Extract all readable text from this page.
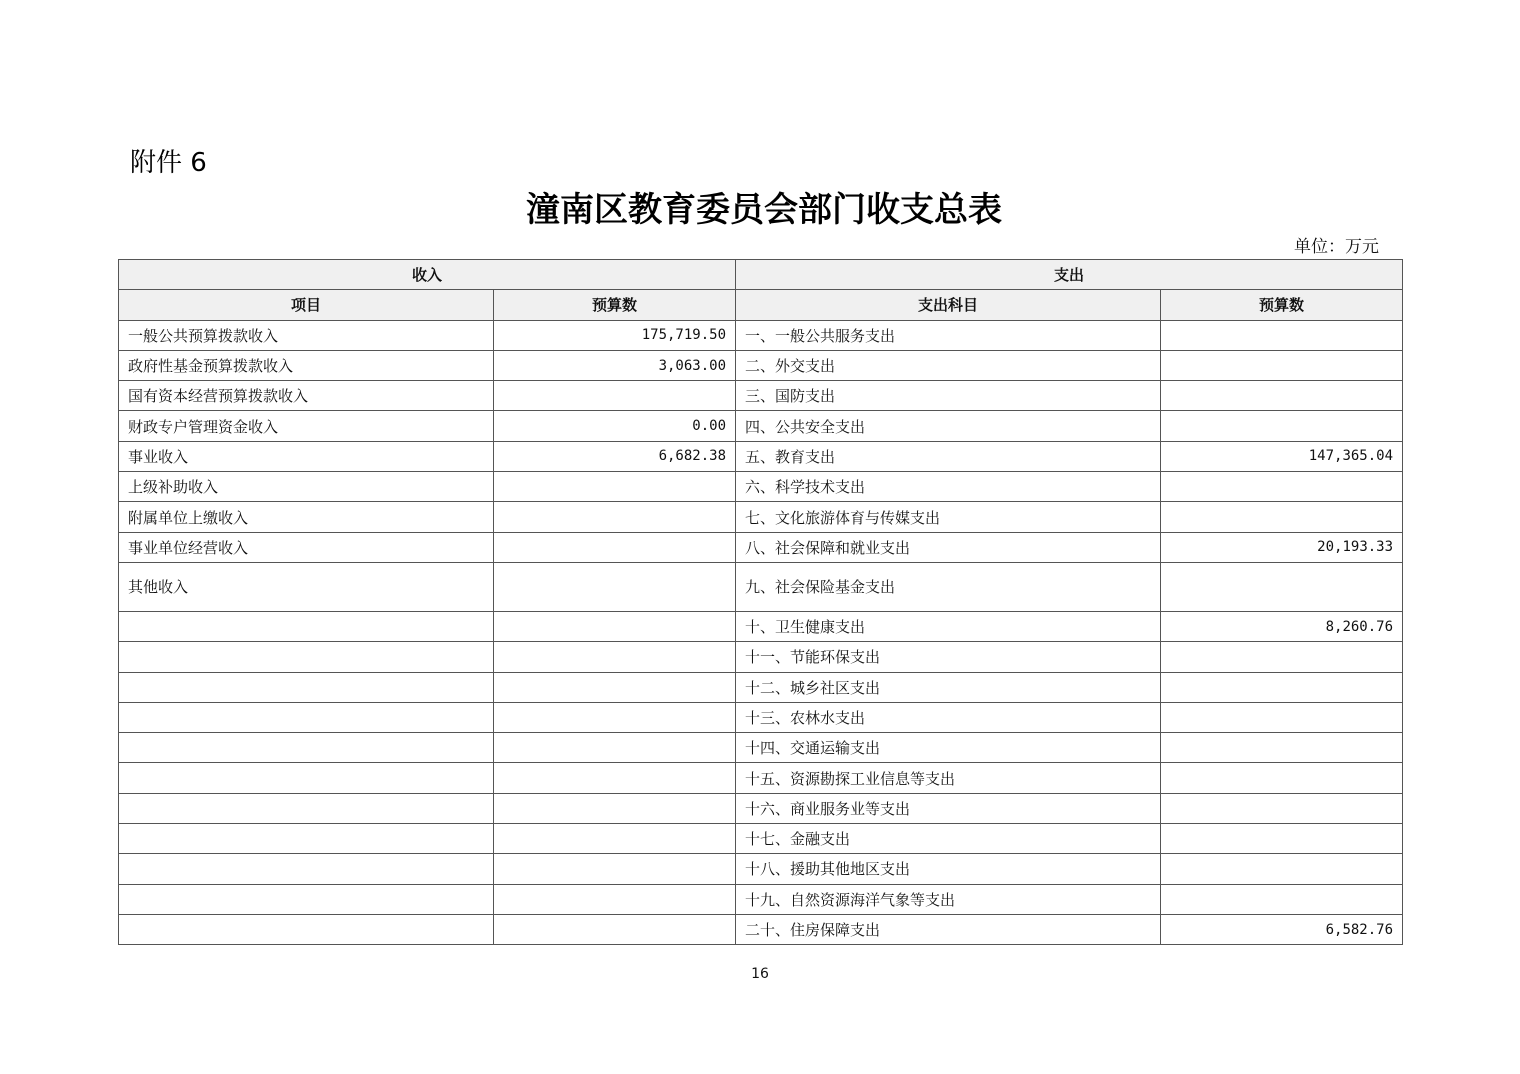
附件 6
潼南区教育委员会部门收支总表
单位：万元
收入		支出	
项目	预算数	支出科目	预算数
一般公共预算拨款收入	175,719.50	一、一般公共服务支出	
政府性基金预算拨款收入	3,063.00	二、外交支出	
国有资本经营预算拨款收入		三、国防支出	
财政专户管理资金收入	0.00	四、公共安全支出	
事业收入	6,682.38	五、教育支出	147,365.04
上级补助收入		六、科学技术支出	
附属单位上缴收入		七、文化旅游体育与传媒支出	
事业单位经营收入		八、社会保障和就业支出	20,193.33
其他收入		九、社会保险基金支出	
		十、卫生健康支出	8,260.76
		十一、节能环保支出	
		十二、城乡社区支出	
		十三、农林水支出	
		十四、交通运输支出	
		十五、资源勘探工业信息等支出	
		十六、商业服务业等支出	
		十七、金融支出	
		十八、援助其他地区支出	
		十九、自然资源海洋气象等支出	
		二十、住房保障支出	6,582.76
16
